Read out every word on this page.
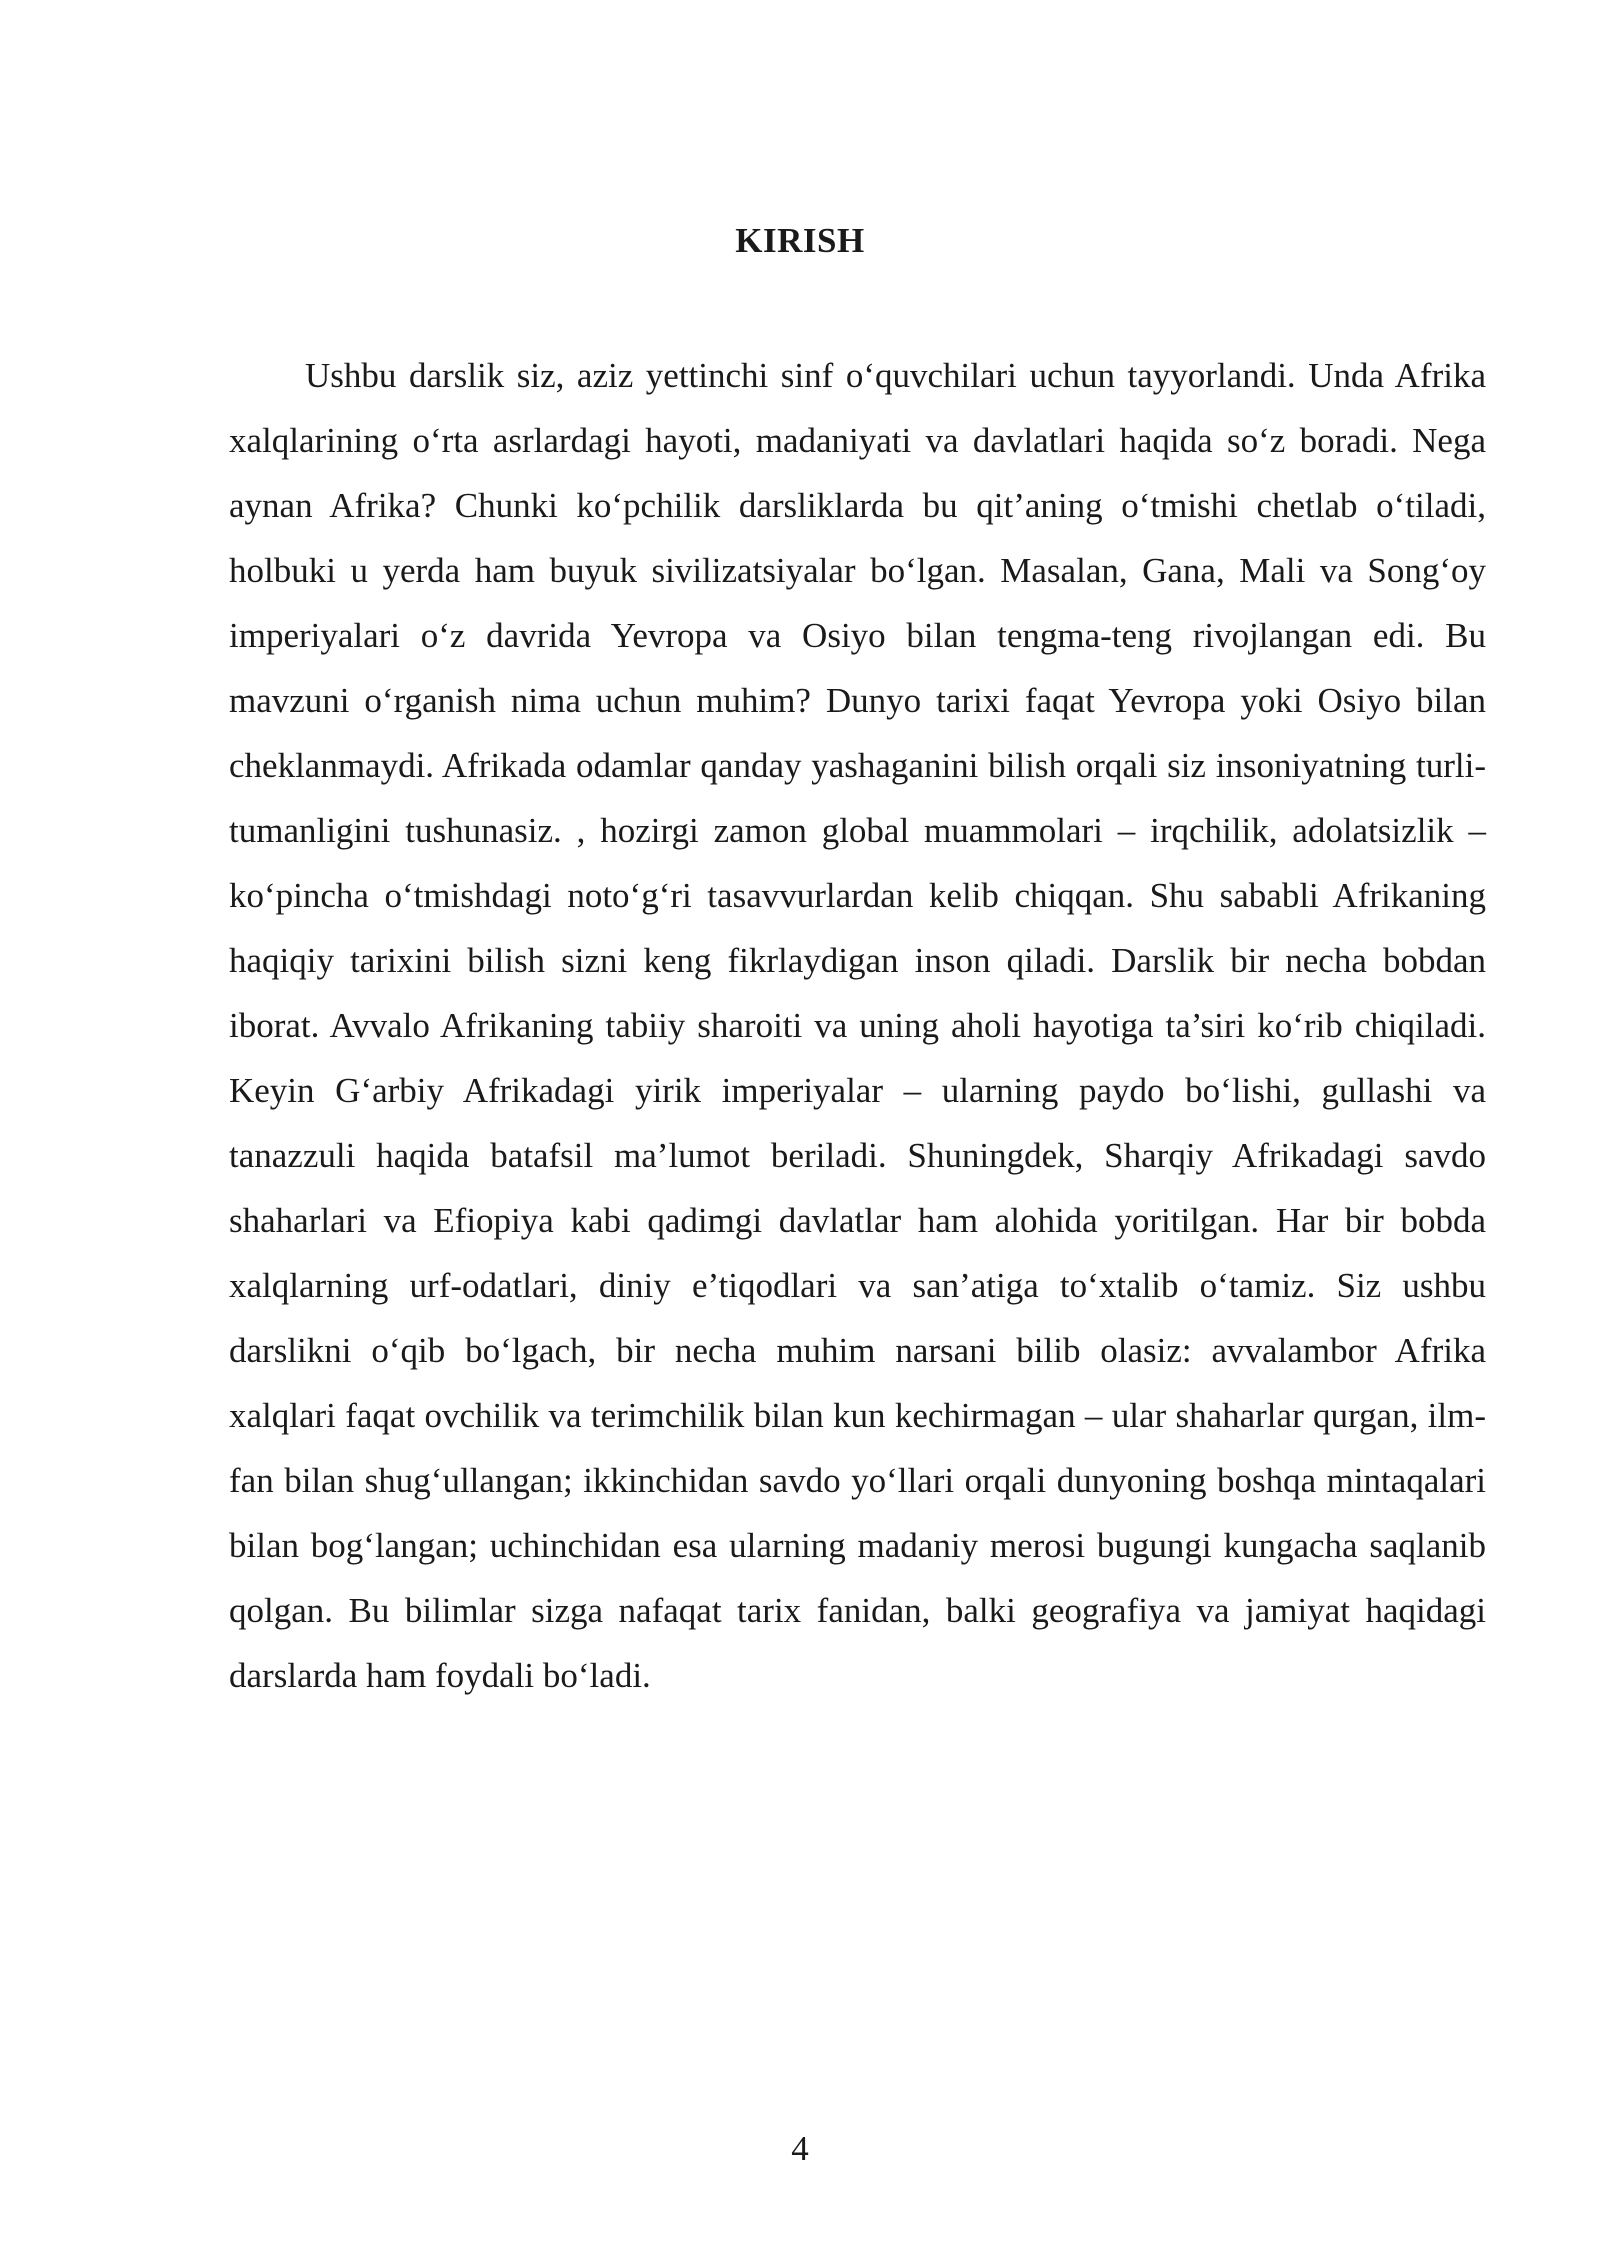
KIRISH

Ushbu darslik siz, aziz yettinchi sinf o‘quvchilari uchun tayyorlandi. Unda Afrika xalqlarining o‘rta asrlardagi hayoti, madaniyati va davlatlari haqida so‘z boradi. Nega aynan Afrika? Chunki ko‘pchilik darsliklarda bu qit’aning o‘tmishi chetlab o‘tiladi, holbuki u yerda ham buyuk sivilizatsiyalar bo‘lgan. Masalan, Gana, Mali va Song‘oy imperiyalari o‘z davrida Yevropa va Osiyo bilan tengma-teng rivojlangan edi. Bu mavzuni o‘rganish nima uchun muhim? Dunyo tarixi faqat Yevropa yoki Osiyo bilan cheklanmaydi. Afrikada odamlar qanday yashaganini bilish orqali siz insoniyatning turli-tumanligini tushunasiz. , hozirgi zamon global muammolari – irqchilik, adolatsizlik – ko‘pincha o‘tmishdagi noto‘g‘ri tasavvurlardan kelib chiqqan. Shu sababli Afrikaning haqiqiy tarixini bilish sizni keng fikrlaydigan inson qiladi. Darslik bir necha bobdan iborat. Avvalo Afrikaning tabiiy sharoiti va uning aholi hayotiga ta’siri ko‘rib chiqiladi. Keyin G‘arbiy Afrikadagi yirik imperiyalar – ularning paydo bo‘lishi, gullashi va tanazzuli haqida batafsil ma’lumot beriladi. Shuningdek, Sharqiy Afrikadagi savdo shaharlari va Efiopiya kabi qadimgi davlatlar ham alohida yoritilgan. Har bir bobda xalqlarning urf-odatlari, diniy e’tiqodlari va san’atiga to‘xtalib o‘tamiz. Siz ushbu darslikni o‘qib bo‘lgach, bir necha muhim narsani bilib olasiz: avvalambor Afrika xalqlari faqat ovchilik va terimchilik bilan kun kechirmagan – ular shaharlar qurgan, ilm-fan bilan shug‘ullangan; ikkinchidan savdo yo‘llari orqali dunyoning boshqa mintaqalari bilan bog‘langan; uchinchidan esa ularning madaniy merosi bugungi kungacha saqlanib qolgan. Bu bilimlar sizga nafaqat tarix fanidan, balki geografiya va jamiyat haqidagi darslarda ham foydali bo‘ladi.

4
